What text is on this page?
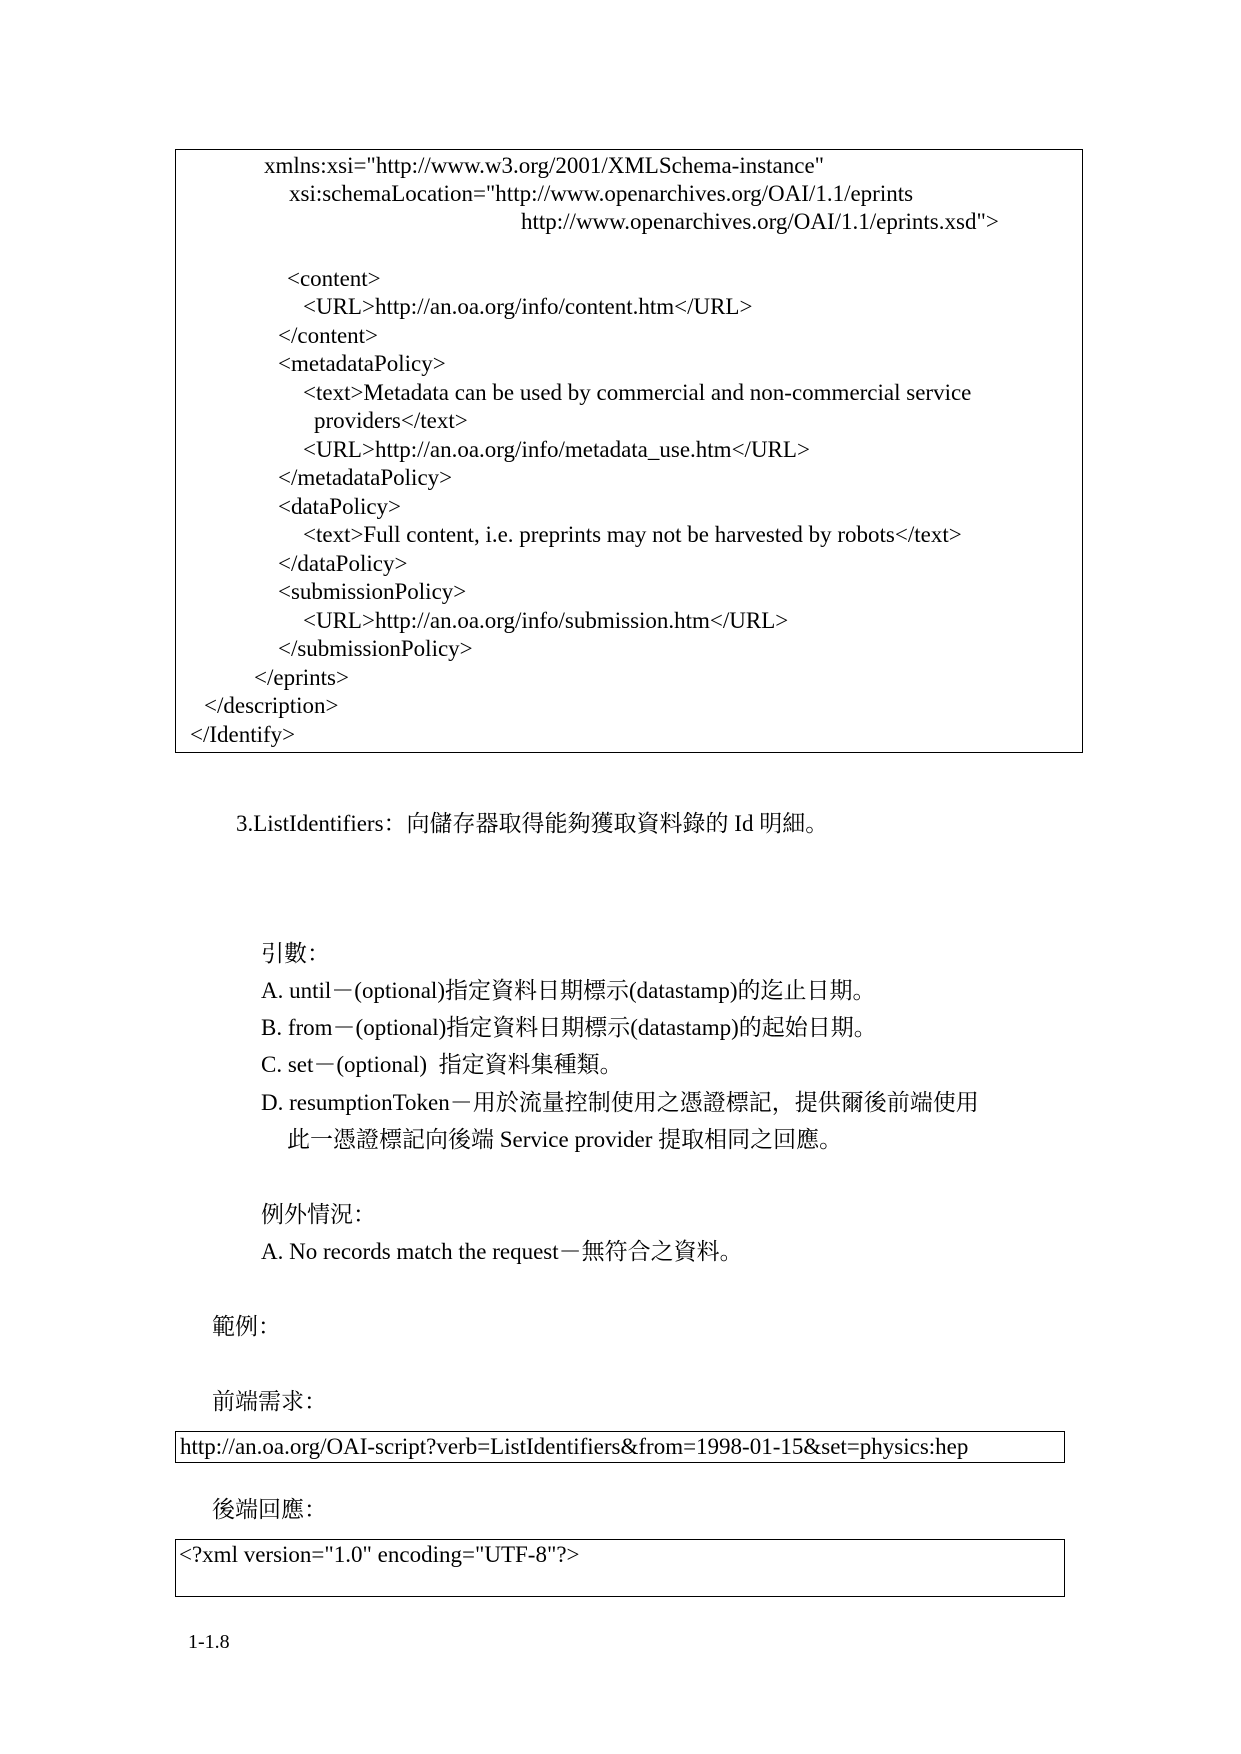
xmlns:xsi="http://www.w3.org/2001/XMLSchema-instance"
xsi:schemaLocation="http://www.openarchives.org/OAI/1.1/eprints
http://www.openarchives.org/OAI/1.1/eprints.xsd">
<content>
<URL>http://an.oa.org/info/content.htm</URL>
</content>
<metadataPolicy>
<text>Metadata can be used by commercial and non-commercial service
providers</text>
<URL>http://an.oa.org/info/metadata_use.htm</URL>
</metadataPolicy>
<dataPolicy>
<text>Full content, i.e. preprints may not be harvested by robots</text>
</dataPolicy>
<submissionPolicy>
<URL>http://an.oa.org/info/submission.htm</URL>
</submissionPolicy>
</eprints>
</description>
</Identify>
3.ListIdentifiers：向儲存器取得能夠獲取資料錄的 Id 明細。
引數：
A. until－(optional)指定資料日期標示(datastamp)的迄止日期。
B. from－(optional)指定資料日期標示(datastamp)的起始日期。
C. set－(optional)  指定資料集種類。
D. resumptionToken－用於流量控制使用之憑證標記，提供爾後前端使用
此一憑證標記向後端 Service provider 提取相同之回應。
例外情況：
A. No records match the request－無符合之資料。
範例：
前端需求：
http://an.oa.org/OAI-script?verb=ListIdentifiers&from=1998-01-15&set=physics:hep
後端回應：
<?xml version="1.0" encoding="UTF-8"?>
1-1.8
